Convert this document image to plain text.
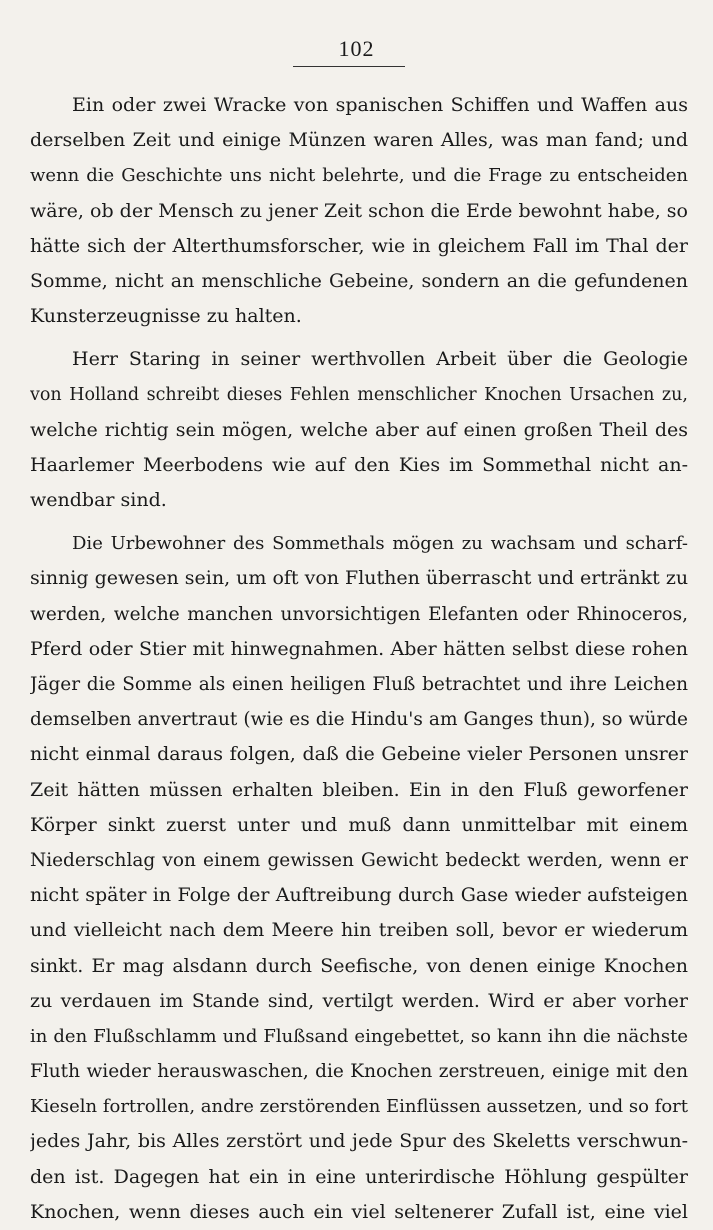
102
Ein oder zwei Wracke von spanischen Schiffen und Waffen aus
derselben Zeit und einige Münzen waren Alles, was man fand; und
wenn die Geschichte uns nicht belehrte, und die Frage zu entscheiden
wäre, ob der Mensch zu jener Zeit schon die Erde bewohnt habe, so
hätte sich der Alterthumsforscher, wie in gleichem Fall im Thal der
Somme, nicht an menschliche Gebeine, sondern an die gefundenen
Kunsterzeugnisse zu halten.
Herr Staring in seiner werthvollen Arbeit über die Geologie
von Holland schreibt dieses Fehlen menschlicher Knochen Ursachen zu,
welche richtig sein mögen, welche aber auf einen großen Theil des
Haarlemer Meerbodens wie auf den Kies im Sommethal nicht an-
wendbar sind.
Die Urbewohner des Sommethals mögen zu wachsam und scharf-
sinnig gewesen sein, um oft von Fluthen überrascht und ertränkt zu
werden, welche manchen unvorsichtigen Elefanten oder Rhinoceros,
Pferd oder Stier mit hinwegnahmen. Aber hätten selbst diese rohen
Jäger die Somme als einen heiligen Fluß betrachtet und ihre Leichen
demselben anvertraut (wie es die Hindu's am Ganges thun), so würde
nicht einmal daraus folgen, daß die Gebeine vieler Personen unsrer
Zeit hätten müssen erhalten bleiben. Ein in den Fluß geworfener
Körper sinkt zuerst unter und muß dann unmittelbar mit einem
Niederschlag von einem gewissen Gewicht bedeckt werden, wenn er
nicht später in Folge der Auftreibung durch Gase wieder aufsteigen
und vielleicht nach dem Meere hin treiben soll, bevor er wiederum
sinkt. Er mag alsdann durch Seefische, von denen einige Knochen
zu verdauen im Stande sind, vertilgt werden. Wird er aber vorher
in den Flußschlamm und Flußsand eingebettet, so kann ihn die nächste
Fluth wieder herauswaschen, die Knochen zerstreuen, einige mit den
Kieseln fortrollen, andre zerstörenden Einflüssen aussetzen, und so fort
jedes Jahr, bis Alles zerstört und jede Spur des Skeletts verschwun-
den ist. Dagegen hat ein in eine unterirdische Höhlung gespülter
Knochen, wenn dieses auch ein viel seltenerer Zufall ist, eine viel
